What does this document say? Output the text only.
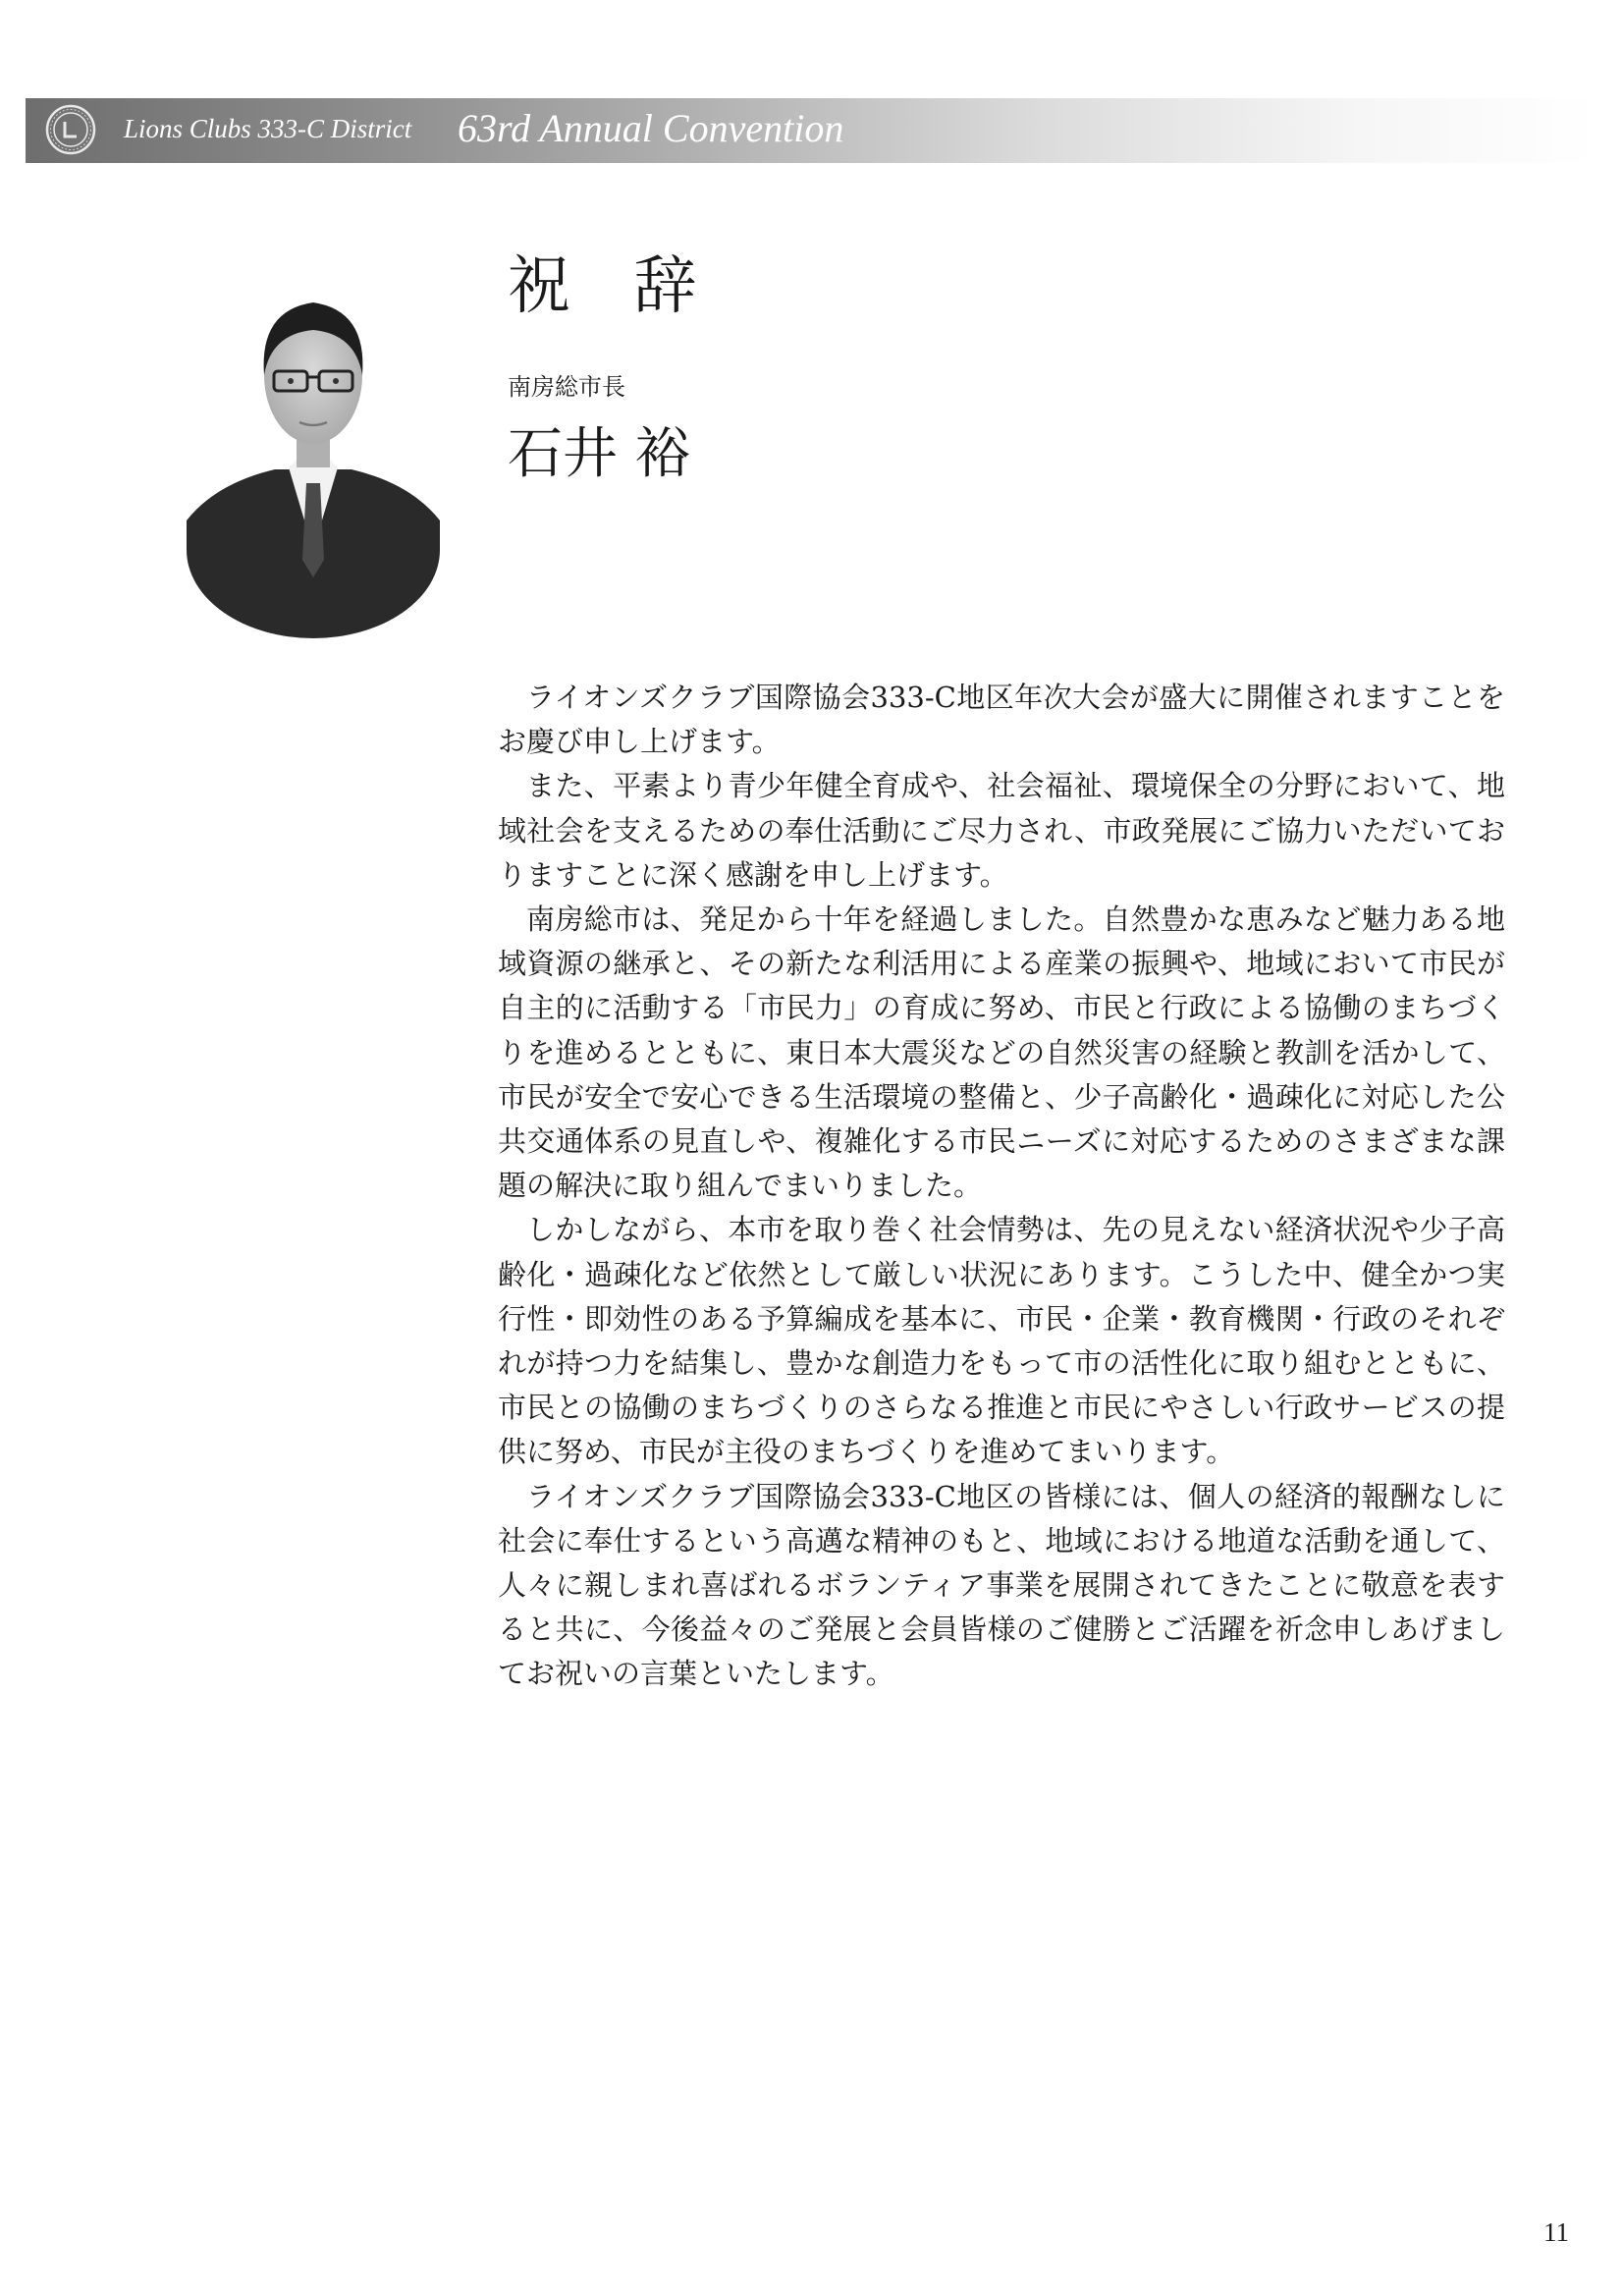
Lions Clubs 333-C District 63rd Annual Convention
祝 辞
南房総市長
石井 裕

ライオンズクラブ国際協会333-C地区年次大会が盛大に開催されますことをお慶び申し上げます。

また、平素より青少年健全育成や、社会福祉、環境保全の分野において、地域社会を支えるための奉仕活動にご尽力され、市政発展にご協力いただいておりますことに深く感謝を申し上げます。

南房総市は、発足から十年を経過しました。自然豊かな恵みなど魅力ある地域資源の継承と、その新たな利活用による産業の振興や、地域において市民が自主的に活動する「市民力」の育成に努め、市民と行政による協働のまちづくりを進めるとともに、東日本大震災などの自然災害の経験と教訓を活かして、市民が安全で安心できる生活環境の整備と、少子高齢化・過疎化に対応した公共交通体系の見直しや、複雑化する市民ニーズに対応するためのさまざまな課題の解決に取り組んでまいりました。

しかしながら、本市を取り巻く社会情勢は、先の見えない経済状況や少子高齢化・過疎化など依然として厳しい状況にあります。こうした中、健全かつ実行性・即効性のある予算編成を基本に、市民・企業・教育機関・行政のそれぞれが持つ力を結集し、豊かな創造力をもって市の活性化に取り組むとともに、市民との協働のまちづくりのさらなる推進と市民にやさしい行政サービスの提供に努め、市民が主役のまちづくりを進めてまいります。

ライオンズクラブ国際協会333-C地区の皆様には、個人の経済的報酬なしに社会に奉仕するという高邁な精神のもと、地域における地道な活動を通して、人々に親しまれ喜ばれるボランティア事業を展開されてきたことに敬意を表すると共に、今後益々のご発展と会員皆様のご健勝とご活躍を祈念申しあげましてお祝いの言葉といたします。

11
